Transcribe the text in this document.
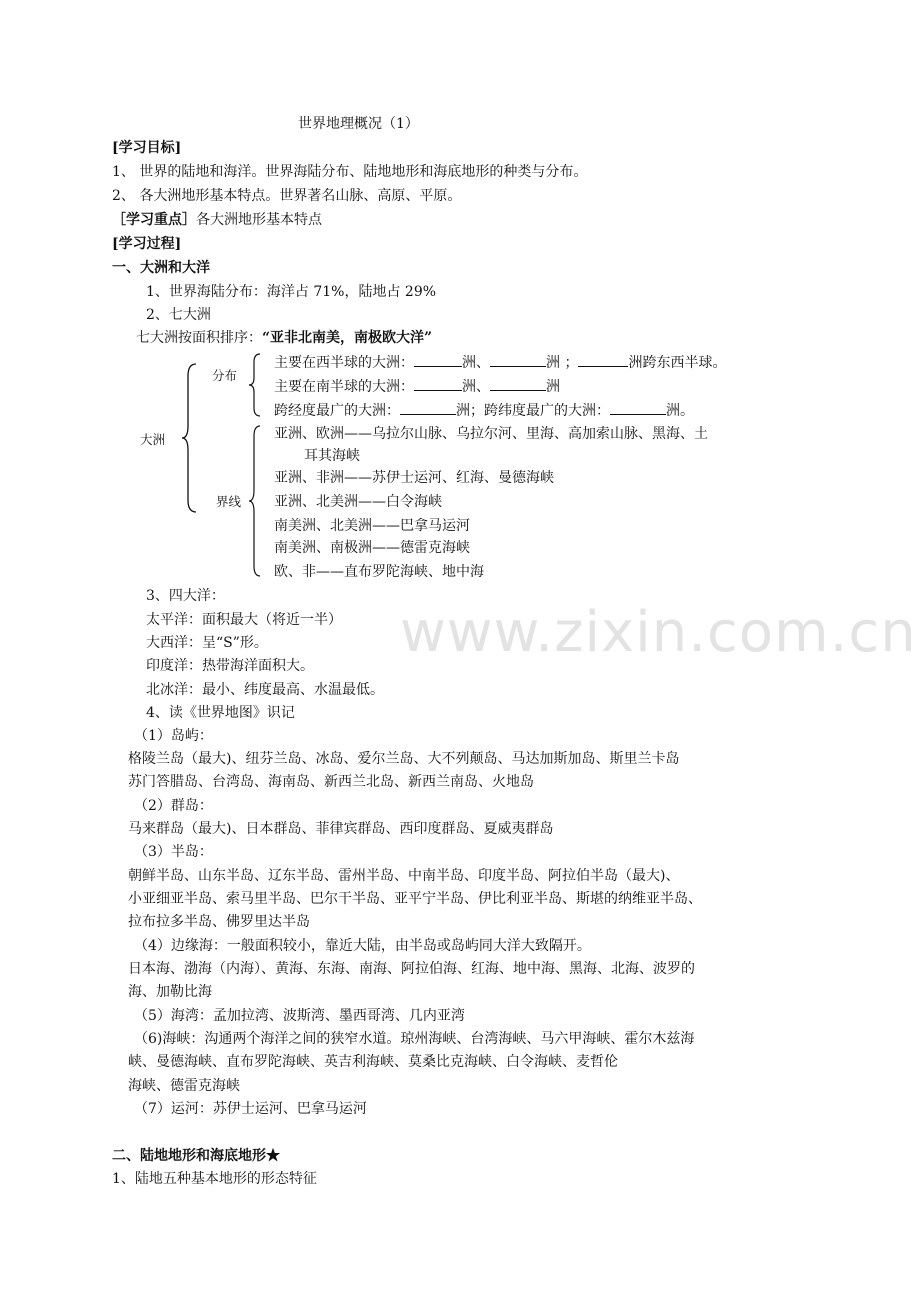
www.zixin.com.cn
世界地理概况（1）
[学习目标]
1、 世界的陆地和海洋。世界海陆分布、陆地地形和海底地形的种类与分布。
2、 各大洲地形基本特点。世界著名山脉、高原、平原。
［学习重点］各大洲地形基本特点
[学习过程]
一、大洲和大洋
1、世界海陆分布：海洋占 71%，陆地占 29%
2、七大洲
七大洲按面积排序：“亚非北南美，南极欧大洋”
大洲
分布
界线
主要在西半球的大洲：	洲、	洲 ；	洲跨东西半球。
主要在南半球的大洲：	洲、	洲
跨经度最广的大洲：	洲；跨纬度最广的大洲：	洲。
亚洲、欧洲——乌拉尔山脉、乌拉尔河、里海、高加索山脉、黑海、土
耳其海峡
亚洲、非洲——苏伊士运河、红海、曼德海峡
亚洲、北美洲——白令海峡
南美洲、北美洲——巴拿马运河
南美洲、南极洲——德雷克海峡
欧、非——直布罗陀海峡、地中海
3、四大洋：
太平洋：面积最大（将近一半）
大西洋：呈“S”形。
印度洋：热带海洋面积大。
北冰洋：最小、纬度最高、水温最低。
4、读《世界地图》识记
（1）岛屿：
格陵兰岛（最大)、纽芬兰岛、冰岛、爱尔兰岛、大不列颠岛、马达加斯加岛、斯里兰卡岛
苏门答腊岛、台湾岛、海南岛、新西兰北岛、新西兰南岛、火地岛
（2）群岛：
马来群岛（最大)、日本群岛、菲律宾群岛、西印度群岛、夏威夷群岛
（3）半岛：
朝鲜半岛、山东半岛、辽东半岛、雷州半岛、中南半岛、印度半岛、阿拉伯半岛（最大)、
小亚细亚半岛、索马里半岛、巴尔干半岛、亚平宁半岛、伊比利亚半岛、斯堪的纳维亚半岛、
拉布拉多半岛、佛罗里达半岛
（4）边缘海：一般面积较小，靠近大陆，由半岛或岛屿同大洋大致隔开。
日本海、渤海（内海）、黄海、东海、南海、阿拉伯海、红海、地中海、黑海、北海、波罗的
海、加勒比海
（5）海湾：孟加拉湾、波斯湾、墨西哥湾、几内亚湾
（6)海峡：沟通两个海洋之间的狭窄水道。琼州海峡、台湾海峡、马六甲海峡、霍尔木兹海
峡、曼德海峡、直布罗陀海峡、英吉利海峡、莫桑比克海峡、白令海峡、麦哲伦
海峡、德雷克海峡
（7）运河：苏伊士运河、巴拿马运河
二、陆地地形和海底地形★
1、陆地五种基本地形的形态特征
